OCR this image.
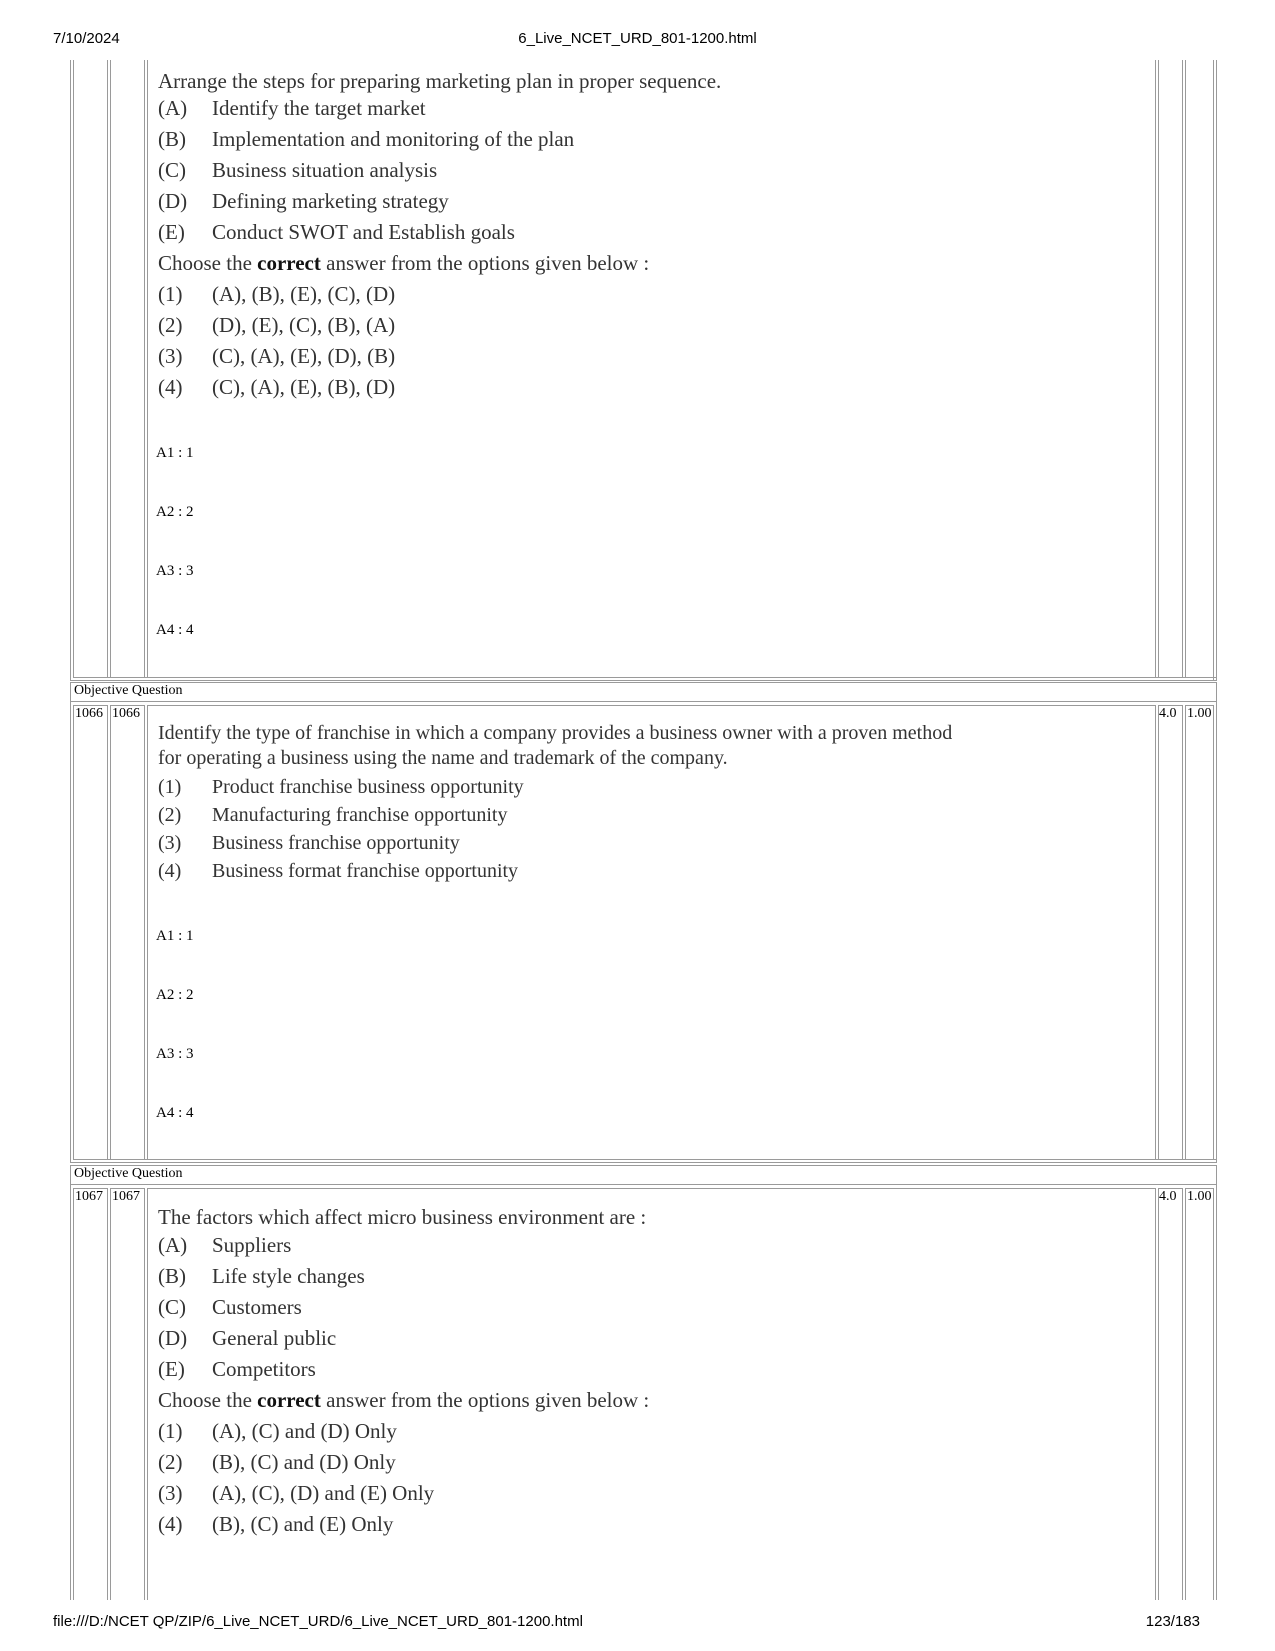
7/10/2024	6_Live_NCET_URD_801-1200.html
file:///D:/NCET QP/ZIP/6_Live_NCET_URD/6_Live_NCET_URD_801-1200.html	123/183
Arrange the steps for preparing marketing plan in proper sequence.
(A) Identify the target market
(B) Implementation and monitoring of the plan
(C) Business situation analysis
(D) Defining marketing strategy
(E) Conduct SWOT and Establish goals
Choose the correct answer from the options given below :
(1) (A), (B), (E), (C), (D)
(2) (D), (E), (C), (B), (A)
(3) (C), (A), (E), (D), (B)
(4) (C), (A), (E), (B), (D)
A1 : 1
A2 : 2
A3 : 3
A4 : 4
Objective Question
1066 1066	4.0 1.00
Identify the type of franchise in which a company provides a business owner with a proven method
for operating a business using the name and trademark of the company.
(1) Product franchise business opportunity
(2) Manufacturing franchise opportunity
(3) Business franchise opportunity
(4) Business format franchise opportunity
A1 : 1
A2 : 2
A3 : 3
A4 : 4
Objective Question
1067 1067	4.0 1.00
The factors which affect micro business environment are :
(A) Suppliers
(B) Life style changes
(C) Customers
(D) General public
(E) Competitors
Choose the correct answer from the options given below :
(1) (A), (C) and (D) Only
(2) (B), (C) and (D) Only
(3) (A), (C), (D) and (E) Only
(4) (B), (C) and (E) Only
